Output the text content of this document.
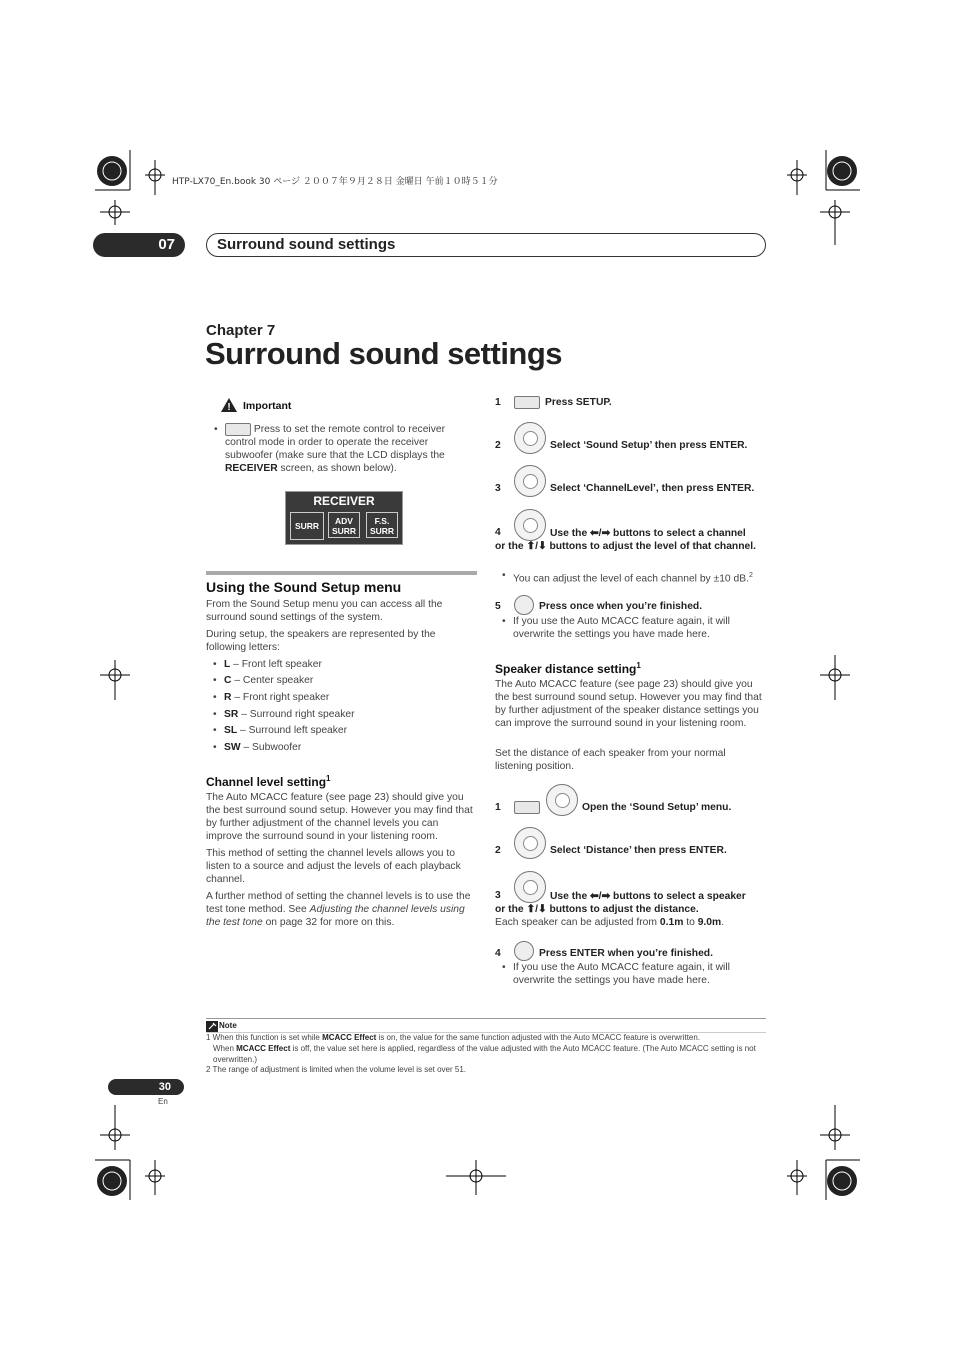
HTP-LX70_En.book 30 ページ ２００７年９月２８日 金曜日 午前１０時５１分
07	Surround sound settings
Chapter 7
Surround sound settings
! Important
•	Press to set the remote control to receiver control mode in order to operate the receiver subwoofer (make sure that the LCD displays the RECEIVER screen, as shown below).
RECEIVER
SURR	ADV
SURR
F.S.
SURR
Using the Sound Setup menu
From the Sound Setup menu you can access all the surround sound settings of the system.
During setup, the speakers are represented by the following letters:
• L – Front left speaker
• C – Center speaker
• R – Front right speaker
• SR – Surround right speaker
• SL – Surround left speaker
• SW – Subwoofer
Channel level setting$^1$
The Auto MCACC feature (see page 23) should give you the best surround sound setup. However you may find that by further adjustment of the channel levels you can improve the surround sound in your listening room.
This method of setting the channel levels allows you to listen to a source and adjust the levels of each playback channel.
A further method of setting the channel levels is to use the test tone method. See Adjusting the channel levels using the test tone on page 32 for more on this.
1	Press SETUP.
2	Select ‘Sound Setup’ then press ENTER.
3	Select ‘ChannelLevel’, then press ENTER.
4	Use the ⬅/➡ buttons to select a channel
or the ⬆/⬇ buttons to adjust the level of that channel.
• You can adjust the level of each channel by ±10 dB.$^2$
5	Press once when you’re finished.
• If you use the Auto MCACC feature again, it will overwrite the settings you have made here.
Speaker distance setting$^1$
The Auto MCACC feature (see page 23) should give you the best surround sound setup. However you may find that by further adjustment of the speaker distance settings you can improve the surround sound in your listening room.
Set the distance of each speaker from your normal listening position.
1	Open the ‘Sound Setup’ menu.
2	Select ‘Distance’ then press ENTER.
3	Use the ⬅/➡ buttons to select a speaker
or the ⬆/⬇ buttons to adjust the distance.
Each speaker can be adjusted from 0.1m to 9.0m.
4	Press ENTER when you’re finished.
• If you use the Auto MCACC feature again, it will overwrite the settings you have made here.
Note
1 When this function is set while MCACC Effect is on, the value for the same function adjusted with the Auto MCACC feature is overwritten.
When MCACC Effect is off, the value set here is applied, regardless of the value adjusted with the Auto MCACC feature. (The Auto MCACC setting is not overwritten.)
2 The range of adjustment is limited when the volume level is set over 51.
30
En
